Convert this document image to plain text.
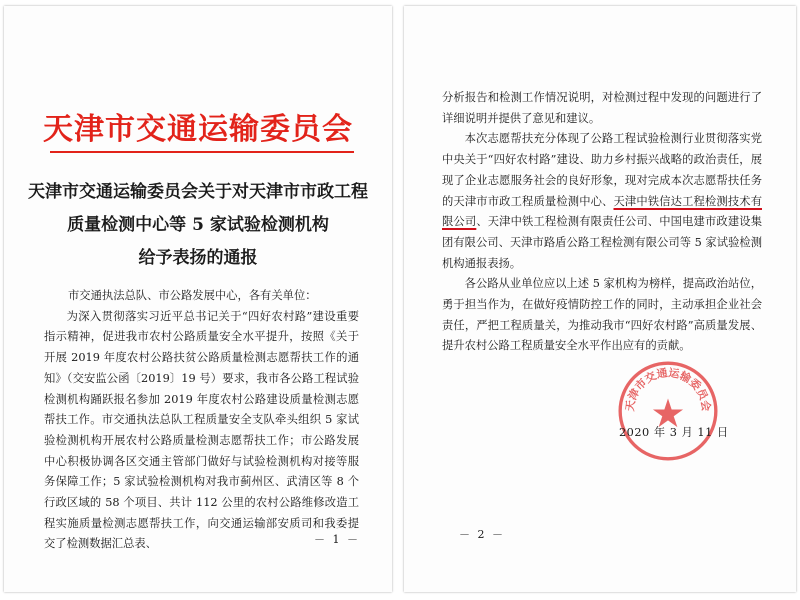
天津市交通运输委员会
天津市交通运输委员会关于对天津市市政工程
质量检测中心等 5 家试验检测机构
给予表扬的通报

市交通执法总队、市公路发展中心，各有关单位：

为深入贯彻落实习近平总书记关于“四好农村路”建设重要指示精神，促进我市农村公路质量安全水平提升，按照《关于开展 2019 年度农村公路扶贫公路质量检测志愿帮扶工作的通知》（交安监公函〔2019〕19 号）要求，我市各公路工程试验检测机构踊跃报名参加 2019 年度农村公路建设质量检测志愿帮扶工作。市交通执法总队工程质量安全支队牵头组织 5 家试验检测机构开展农村公路质量检测志愿帮扶工作；市公路发展中心积极协调各区交通主管部门做好与试验检测机构对接等服务保障工作；5 家试验检测机构对我市蓟州区、武清区等 8 个行政区域的 58 个项目、共计 112 公里的农村公路维修改造工程实施质量检测志愿帮扶工作，向交通运输部安质司和我委提交了检测数据汇总表、	－ 1 －

分析报告和检测工作情况说明，对检测过程中发现的问题进行了详细说明并提供了意见和建议。

本次志愿帮扶充分体现了公路工程试验检测行业贯彻落实党中央关于“四好农村路”建设、助力乡村振兴战略的政治责任，展现了企业志愿服务社会的良好形象，现对完成本次志愿帮扶任务的天津市市政工程质量检测中心、天津中铁信达工程检测技术有限公司、天津中铁工程检测有限责任公司、中国电建市政建设集团有限公司、天津市路盾公路工程检测有限公司等 5 家试验检测机构通报表扬。

各公路从业单位应以上述 5 家机构为榜样，提高政治站位，勇于担当作为，在做好疫情防控工作的同时，主动承担企业社会责任，严把工程质量关，为推动我市“四好农村路”高质量发展、提升农村公路工程质量安全水平作出应有的贡献。

天津市交通运输委员会
2020 年 3 月 11 日
－ 2 －
